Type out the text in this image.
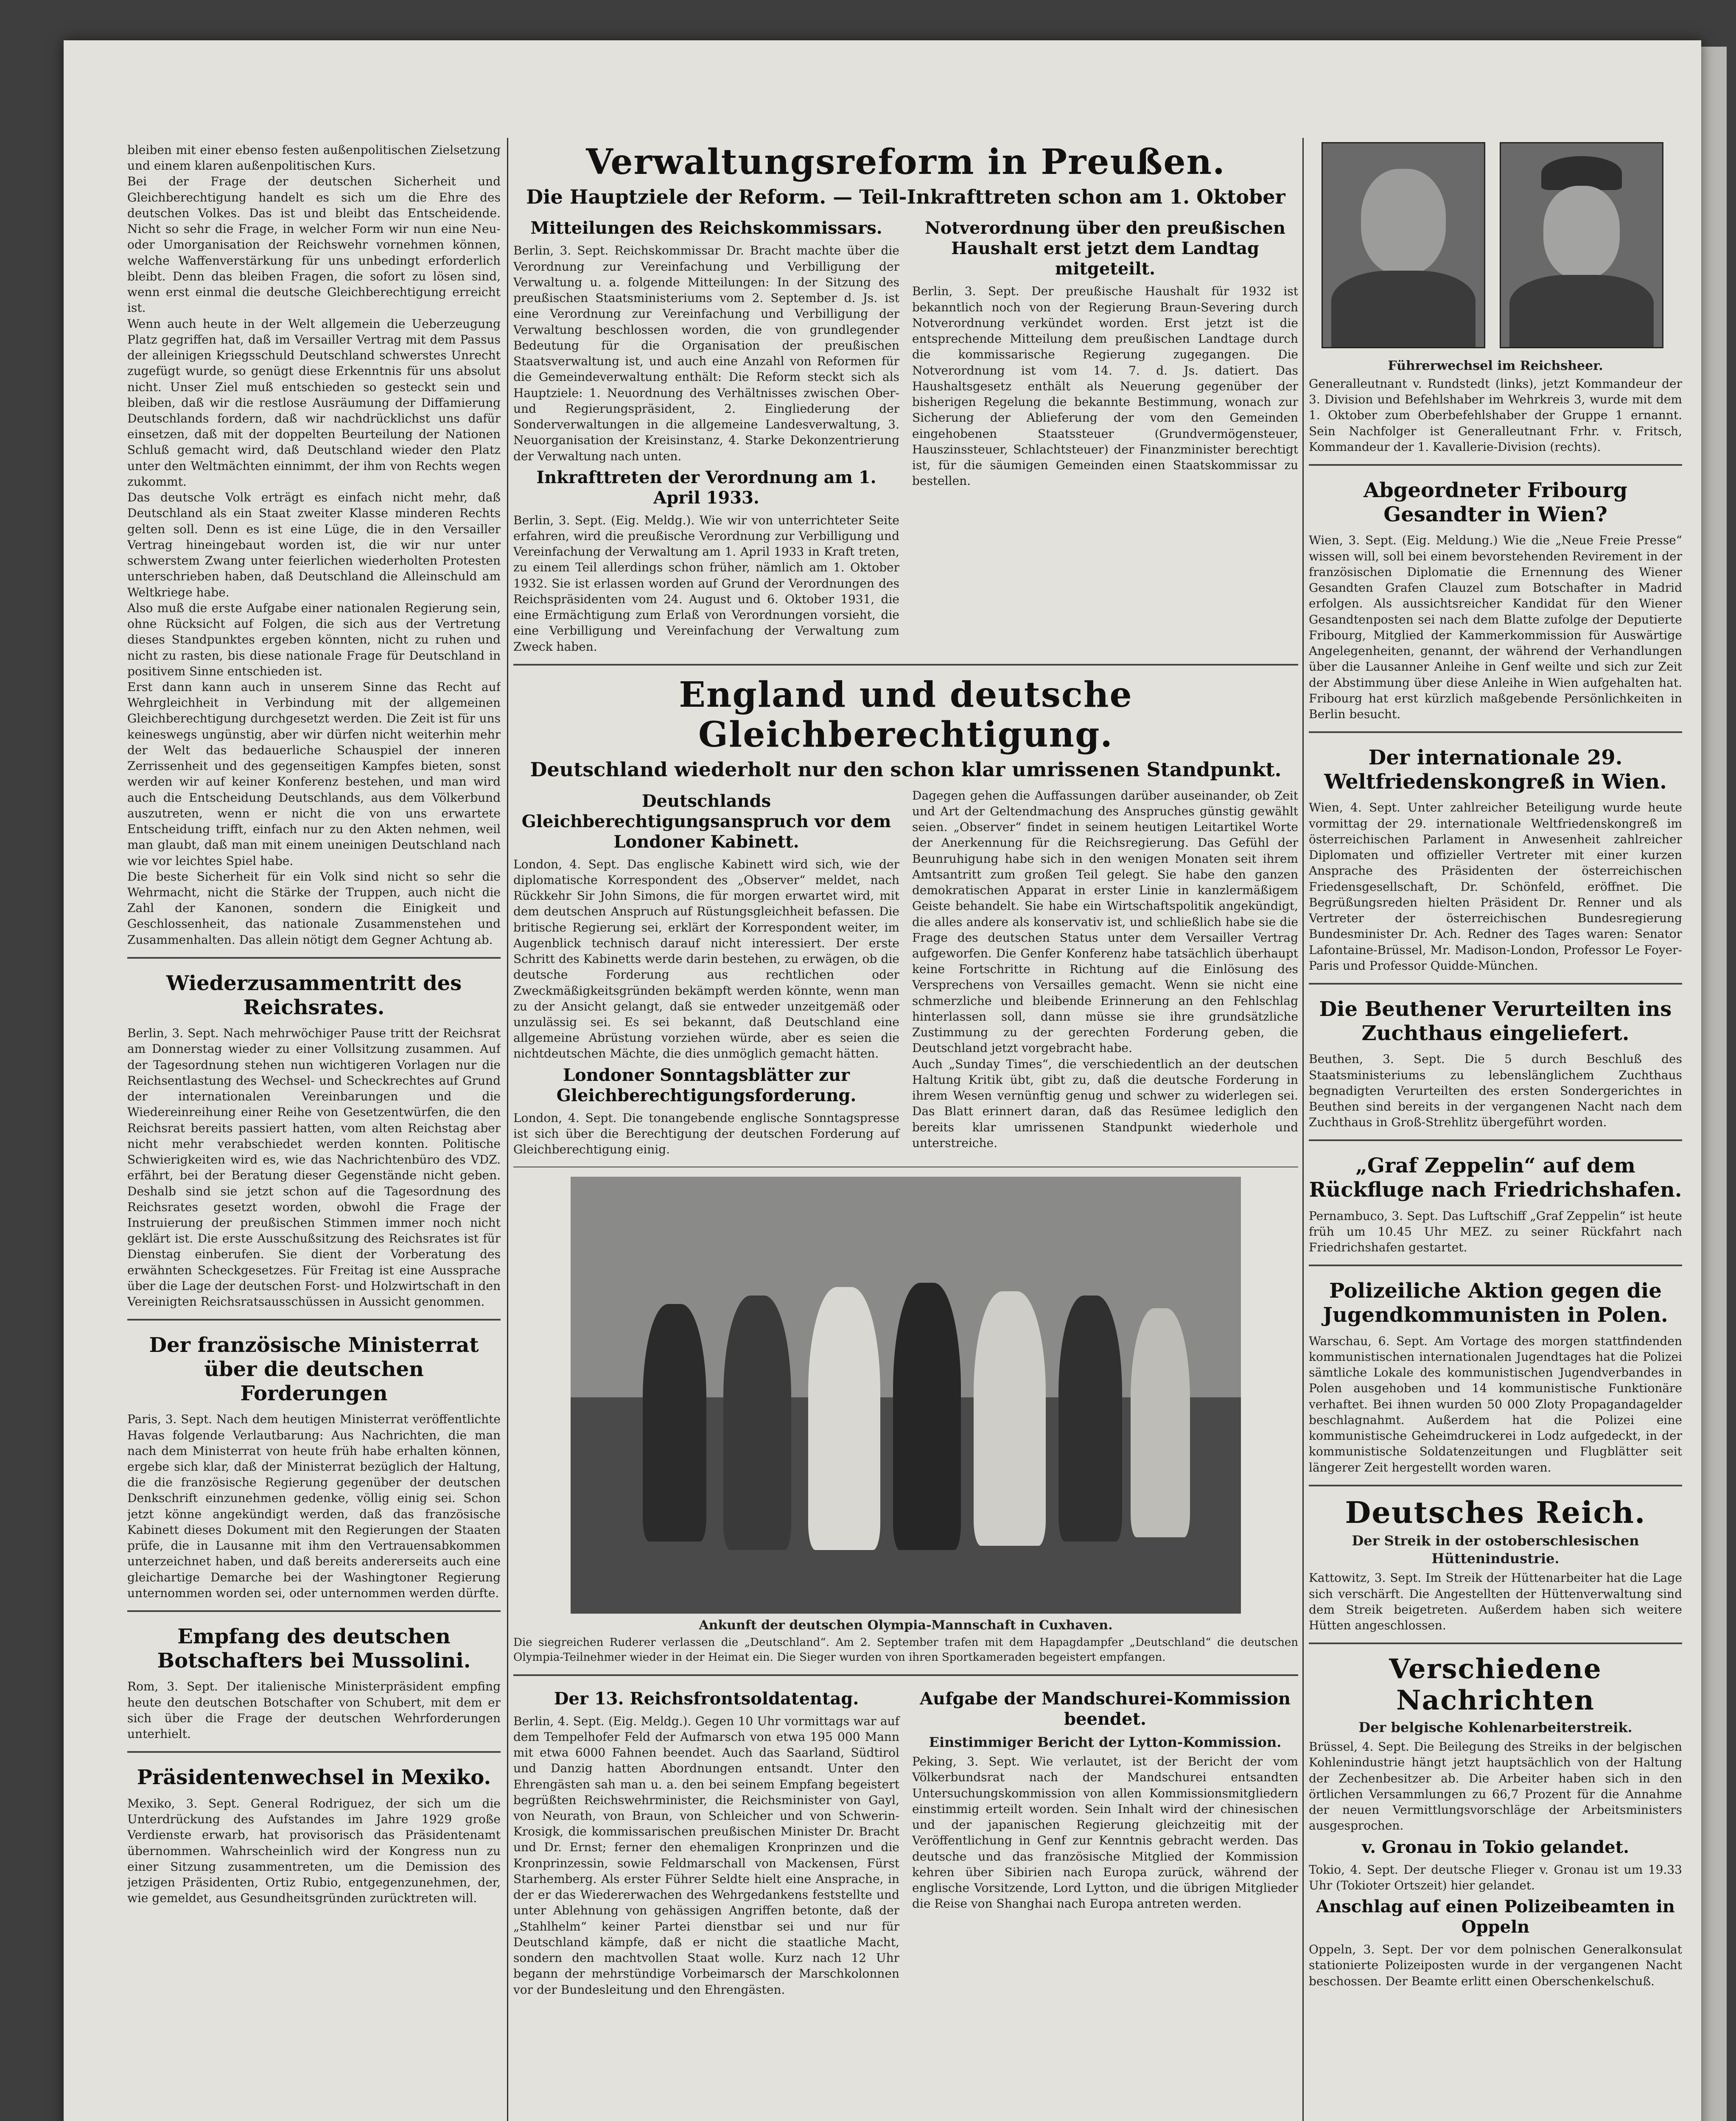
bleiben mit einer ebenso festen außenpolitischen Zielsetzung und einem klaren außenpolitischen Kurs.

Bei der Frage der deutschen Sicherheit und Gleichberechtigung handelt es sich um die Ehre des deutschen Volkes. Das ist und bleibt das Entscheidende. Nicht so sehr die Frage, in welcher Form wir nun eine Neu- oder Umorganisation der Reichswehr vornehmen können, welche Waffenverstärkung für uns unbedingt erforderlich bleibt. Denn das bleiben Fragen, die sofort zu lösen sind, wenn erst einmal die deutsche Gleichberechtigung erreicht ist.

Wenn auch heute in der Welt allgemein die Ueberzeugung Platz gegriffen hat, daß im Versailler Vertrag mit dem Passus der alleinigen Kriegsschuld Deutschland schwerstes Unrecht zugefügt wurde, so genügt diese Erkenntnis für uns absolut nicht. Unser Ziel muß entschieden so gesteckt sein und bleiben, daß wir die restlose Ausräumung der Diffamierung Deutschlands fordern, daß wir nachdrücklichst uns dafür einsetzen, daß mit der doppelten Beurteilung der Nationen Schluß gemacht wird, daß Deutschland wieder den Platz unter den Weltmächten einnimmt, der ihm von Rechts wegen zukommt.

Das deutsche Volk erträgt es einfach nicht mehr, daß Deutschland als ein Staat zweiter Klasse minderen Rechts gelten soll. Denn es ist eine Lüge, die in den Versailler Vertrag hineingebaut worden ist, die wir nur unter schwerstem Zwang unter feierlichen wiederholten Protesten unterschrieben haben, daß Deutschland die Alleinschuld am Weltkriege habe.

Also muß die erste Aufgabe einer nationalen Regierung sein, ohne Rücksicht auf Folgen, die sich aus der Vertretung dieses Standpunktes ergeben könnten, nicht zu ruhen und nicht zu rasten, bis diese nationale Frage für Deutschland in positivem Sinne entschieden ist.

Erst dann kann auch in unserem Sinne das Recht auf Wehrgleichheit in Verbindung mit der allgemeinen Gleichberechtigung durchgesetzt werden. Die Zeit ist für uns keineswegs ungünstig, aber wir dürfen nicht weiterhin mehr der Welt das bedauerliche Schauspiel der inneren Zerrissenheit und des gegenseitigen Kampfes bieten, sonst werden wir auf keiner Konferenz bestehen, und man wird auch die Entscheidung Deutschlands, aus dem Völkerbund auszutreten, wenn er nicht die von uns erwartete Entscheidung trifft, einfach nur zu den Akten nehmen, weil man glaubt, daß man mit einem uneinigen Deutschland nach wie vor leichtes Spiel habe.

Die beste Sicherheit für ein Volk sind nicht so sehr die Wehrmacht, nicht die Stärke der Truppen, auch nicht die Zahl der Kanonen, sondern die Einigkeit und Geschlossenheit, das nationale Zusammenstehen und Zusammenhalten. Das allein nötigt dem Gegner Achtung ab.

Wiederzusammentritt des Reichsrates.

Berlin, 3. Sept. Nach mehrwöchiger Pause tritt der Reichsrat am Donnerstag wieder zu einer Vollsitzung zusammen. Auf der Tagesordnung stehen nun wichtigeren Vorlagen nur die Reichsentlastung des Wechsel- und Scheckrechtes auf Grund der internationalen Vereinbarungen und die Wiedereinreihung einer Reihe von Gesetzentwürfen, die den Reichsrat bereits passiert hatten, vom alten Reichstag aber nicht mehr verabschiedet werden konnten. Politische Schwierigkeiten wird es, wie das Nachrichtenbüro des VDZ. erfährt, bei der Beratung dieser Gegenstände nicht geben. Deshalb sind sie jetzt schon auf die Tagesordnung des Reichsrates gesetzt worden, obwohl die Frage der Instruierung der preußischen Stimmen immer noch nicht geklärt ist. Die erste Ausschußsitzung des Reichsrates ist für Dienstag einberufen. Sie dient der Vorberatung des erwähnten Scheckgesetzes. Für Freitag ist eine Aussprache über die Lage der deutschen Forst- und Holzwirtschaft in den Vereinigten Reichsratsausschüssen in Aussicht genommen.

Der französische Ministerrat über die deutschen Forderungen

Paris, 3. Sept. Nach dem heutigen Ministerrat veröffentlichte Havas folgende Verlautbarung: Aus Nachrichten, die man nach dem Ministerrat von heute früh habe erhalten können, ergebe sich klar, daß der Ministerrat bezüglich der Haltung, die die französische Regierung gegenüber der deutschen Denkschrift einzunehmen gedenke, völlig einig sei. Schon jetzt könne angekündigt werden, daß das französische Kabinett dieses Dokument mit den Regierungen der Staaten prüfe, die in Lausanne mit ihm den Vertrauensabkommen unterzeichnet haben, und daß bereits andererseits auch eine gleichartige Demarche bei der Washingtoner Regierung unternommen worden sei, oder unternommen werden dürfte.

Empfang des deutschen Botschafters bei Mussolini.

Rom, 3. Sept. Der italienische Ministerpräsident empfing heute den deutschen Botschafter von Schubert, mit dem er sich über die Frage der deutschen Wehrforderungen unterhielt.

Präsidentenwechsel in Mexiko.

Mexiko, 3. Sept. General Rodriguez, der sich um die Unterdrückung des Aufstandes im Jahre 1929 große Verdienste erwarb, hat provisorisch das Präsidentenamt übernommen. Wahrscheinlich wird der Kongress nun zu einer Sitzung zusammentreten, um die Demission des jetzigen Präsidenten, Ortiz Rubio, entgegenzunehmen, der, wie gemeldet, aus Gesundheitsgründen zurücktreten will.

Verwaltungsreform in Preußen.
Die Hauptziele der Reform. — Teil-Inkrafttreten schon am 1. Oktober
Mitteilungen des Reichskommissars.

Berlin, 3. Sept. Reichskommissar Dr. Bracht machte über die Verordnung zur Vereinfachung und Verbilligung der Verwaltung u. a. folgende Mitteilungen: In der Sitzung des preußischen Staatsministeriums vom 2. September d. Js. ist eine Verordnung zur Vereinfachung und Verbilligung der Verwaltung beschlossen worden, die von grundlegender Bedeutung für die Organisation der preußischen Staatsverwaltung ist, und auch eine Anzahl von Reformen für die Gemeindeverwaltung enthält: Die Reform steckt sich als Hauptziele: 1. Neuordnung des Verhältnisses zwischen Ober- und Regierungspräsident, 2. Eingliederung der Sonderverwaltungen in die allgemeine Landesverwaltung, 3. Neuorganisation der Kreisinstanz, 4. Starke Dekonzentrierung der Verwaltung nach unten.

Inkrafttreten der Verordnung am 1. April 1933.

Berlin, 3. Sept. (Eig. Meldg.). Wie wir von unterrichteter Seite erfahren, wird die preußische Verordnung zur Verbilligung und Vereinfachung der Verwaltung am 1. April 1933 in Kraft treten, zu einem Teil allerdings schon früher, nämlich am 1. Oktober 1932. Sie ist erlassen worden auf Grund der Verordnungen des Reichspräsidenten vom 24. August und 6. Oktober 1931, die eine Ermächtigung zum Erlaß von Verordnungen vorsieht, die eine Verbilligung und Vereinfachung der Verwaltung zum Zweck haben.

Notverordnung über den preußischen Haushalt erst jetzt dem Landtag mitgeteilt.

Berlin, 3. Sept. Der preußische Haushalt für 1932 ist bekanntlich noch von der Regierung Braun-Severing durch Notverordnung verkündet worden. Erst jetzt ist die entsprechende Mitteilung dem preußischen Landtage durch die kommissarische Regierung zugegangen. Die Notverordnung ist vom 14. 7. d. Js. datiert. Das Haushaltsgesetz enthält als Neuerung gegenüber der bisherigen Regelung die bekannte Bestimmung, wonach zur Sicherung der Ablieferung der vom den Gemeinden eingehobenen Staatssteuer (Grundvermögensteuer, Hauszinssteuer, Schlachtsteuer) der Finanzminister berechtigt ist, für die säumigen Gemeinden einen Staatskommissar zu bestellen.

England und deutsche Gleichberechtigung.
Deutschland wiederholt nur den schon klar umrissenen Standpunkt.
Deutschlands Gleichberechtigungsanspruch vor dem Londoner Kabinett.

London, 4. Sept. Das englische Kabinett wird sich, wie der diplomatische Korrespondent des „Observer“ meldet, nach Rückkehr Sir John Simons, die für morgen erwartet wird, mit dem deutschen Anspruch auf Rüstungsgleichheit befassen. Die britische Regierung sei, erklärt der Korrespondent weiter, im Augenblick technisch darauf nicht interessiert. Der erste Schritt des Kabinetts werde darin bestehen, zu erwägen, ob die deutsche Forderung aus rechtlichen oder Zweckmäßigkeitsgründen bekämpft werden könnte, wenn man zu der Ansicht gelangt, daß sie entweder unzeitgemäß oder unzulässig sei. Es sei bekannt, daß Deutschland eine allgemeine Abrüstung vorziehen würde, aber es seien die nichtdeutschen Mächte, die dies unmöglich gemacht hätten.

Londoner Sonntagsblätter zur Gleichberechtigungsforderung.

London, 4. Sept. Die tonangebende englische Sonntagspresse ist sich über die Berechtigung der deutschen Forderung auf Gleichberechtigung einig.

Dagegen gehen die Auffassungen darüber auseinander, ob Zeit und Art der Geltendmachung des Anspruches günstig gewählt seien. „Observer“ findet in seinem heutigen Leitartikel Worte der Anerkennung für die Reichsregierung. Das Gefühl der Beunruhigung habe sich in den wenigen Monaten seit ihrem Amtsantritt zum großen Teil gelegt. Sie habe den ganzen demokratischen Apparat in erster Linie in kanzlermäßigem Geiste behandelt. Sie habe ein Wirtschaftspolitik angekündigt, die alles andere als konservativ ist, und schließlich habe sie die Frage des deutschen Status unter dem Versailler Vertrag aufgeworfen. Die Genfer Konferenz habe tatsächlich überhaupt keine Fortschritte in Richtung auf die Einlösung des Versprechens von Versailles gemacht. Wenn sie nicht eine schmerzliche und bleibende Erinnerung an den Fehlschlag hinterlassen soll, dann müsse sie ihre grundsätzliche Zustimmung zu der gerechten Forderung geben, die Deutschland jetzt vorgebracht habe.

Auch „Sunday Times“, die verschiedentlich an der deutschen Haltung Kritik übt, gibt zu, daß die deutsche Forderung in ihrem Wesen vernünftig genug und schwer zu widerlegen sei. Das Blatt erinnert daran, daß das Resümee lediglich den bereits klar umrissenen Standpunkt wiederhole und unterstreiche.

Ankunft der deutschen Olympia-Mannschaft in Cuxhaven.

Die siegreichen Ruderer verlassen die „Deutschland“. Am 2. September trafen mit dem Hapagdampfer „Deutschland“ die deutschen Olympia-Teilnehmer wieder in der Heimat ein. Die Sieger wurden von ihren Sportkameraden begeistert empfangen.

Der 13. Reichsfrontsoldatentag.

Berlin, 4. Sept. (Eig. Meldg.). Gegen 10 Uhr vormittags war auf dem Tempelhofer Feld der Aufmarsch von etwa 195 000 Mann mit etwa 6000 Fahnen beendet. Auch das Saarland, Südtirol und Danzig hatten Abordnungen entsandt. Unter den Ehrengästen sah man u. a. den bei seinem Empfang begeistert begrüßten Reichswehrminister, die Reichsminister von Gayl, von Neurath, von Braun, von Schleicher und von Schwerin-Krosigk, die kommissarischen preußischen Minister Dr. Bracht und Dr. Ernst; ferner den ehemaligen Kronprinzen und die Kronprinzessin, sowie Feldmarschall von Mackensen, Fürst Starhemberg. Als erster Führer Seldte hielt eine Ansprache, in der er das Wiedererwachen des Wehrgedankens feststellte und unter Ablehnung von gehässigen Angriffen betonte, daß der „Stahlhelm“ keiner Partei dienstbar sei und nur für Deutschland kämpfe, daß er nicht die staatliche Macht, sondern den machtvollen Staat wolle. Kurz nach 12 Uhr begann der mehrstündige Vorbeimarsch der Marschkolonnen vor der Bundesleitung und den Ehrengästen.

Aufgabe der Mandschurei-Kommission beendet.

Einstimmiger Bericht der Lytton-Kommission.

Peking, 3. Sept. Wie verlautet, ist der Bericht der vom Völkerbundsrat nach der Mandschurei entsandten Untersuchungskommission von allen Kommissionsmitgliedern einstimmig erteilt worden. Sein Inhalt wird der chinesischen und der japanischen Regierung gleichzeitig mit der Veröffentlichung in Genf zur Kenntnis gebracht werden. Das deutsche und das französische Mitglied der Kommission kehren über Sibirien nach Europa zurück, während der englische Vorsitzende, Lord Lytton, und die übrigen Mitglieder die Reise von Shanghai nach Europa antreten werden.

Führerwechsel im Reichsheer.

Generalleutnant v. Rundstedt (links), jetzt Kommandeur der 3. Division und Befehlshaber im Wehrkreis 3, wurde mit dem 1. Oktober zum Oberbefehlshaber der Gruppe 1 ernannt. Sein Nachfolger ist Generalleutnant Frhr. v. Fritsch, Kommandeur der 1. Kavallerie-Division (rechts).

Abgeordneter Fribourg Gesandter in Wien?

Wien, 3. Sept. (Eig. Meldung.) Wie die „Neue Freie Presse“ wissen will, soll bei einem bevorstehenden Revirement in der französischen Diplomatie die Ernennung des Wiener Gesandten Grafen Clauzel zum Botschafter in Madrid erfolgen. Als aussichtsreicher Kandidat für den Wiener Gesandtenposten sei nach dem Blatte zufolge der Deputierte Fribourg, Mitglied der Kammerkommission für Auswärtige Angelegenheiten, genannt, der während der Verhandlungen über die Lausanner Anleihe in Genf weilte und sich zur Zeit der Abstimmung über diese Anleihe in Wien aufgehalten hat. Fribourg hat erst kürzlich maßgebende Persönlichkeiten in Berlin besucht.

Der internationale 29. Weltfriedenskongreß in Wien.

Wien, 4. Sept. Unter zahlreicher Beteiligung wurde heute vormittag der 29. internationale Weltfriedenskongreß im österreichischen Parlament in Anwesenheit zahlreicher Diplomaten und offizieller Vertreter mit einer kurzen Ansprache des Präsidenten der österreichischen Friedensgesellschaft, Dr. Schönfeld, eröffnet. Die Begrüßungsreden hielten Präsident Dr. Renner und als Vertreter der österreichischen Bundesregierung Bundesminister Dr. Ach. Redner des Tages waren: Senator Lafontaine-Brüssel, Mr. Madison-London, Professor Le Foyer-Paris und Professor Quidde-München.

Die Beuthener Verurteilten ins Zuchthaus eingeliefert.

Beuthen, 3. Sept. Die 5 durch Beschluß des Staatsministeriums zu lebenslänglichem Zuchthaus begnadigten Verurteilten des ersten Sondergerichtes in Beuthen sind bereits in der vergangenen Nacht nach dem Zuchthaus in Groß-Strehlitz übergeführt worden.

„Graf Zeppelin“ auf dem Rückfluge nach Friedrichshafen.

Pernambuco, 3. Sept. Das Luftschiff „Graf Zeppelin“ ist heute früh um 10.45 Uhr MEZ. zu seiner Rückfahrt nach Friedrichshafen gestartet.

Polizeiliche Aktion gegen die Jugendkommunisten in Polen.

Warschau, 6. Sept. Am Vortage des morgen stattfindenden kommunistischen internationalen Jugendtages hat die Polizei sämtliche Lokale des kommunistischen Jugendverbandes in Polen ausgehoben und 14 kommunistische Funktionäre verhaftet. Bei ihnen wurden 50 000 Zloty Propagandagelder beschlagnahmt. Außerdem hat die Polizei eine kommunistische Geheimdruckerei in Lodz aufgedeckt, in der kommunistische Soldatenzeitungen und Flugblätter seit längerer Zeit hergestellt worden waren.

Deutsches Reich.

Der Streik in der ostoberschlesischen Hüttenindustrie.

Kattowitz, 3. Sept. Im Streik der Hüttenarbeiter hat die Lage sich verschärft. Die Angestellten der Hüttenverwaltung sind dem Streik beigetreten. Außerdem haben sich weitere Hütten angeschlossen.

Verschiedene Nachrichten

Der belgische Kohlenarbeiterstreik.

Brüssel, 4. Sept. Die Beilegung des Streiks in der belgischen Kohlenindustrie hängt jetzt hauptsächlich von der Haltung der Zechenbesitzer ab. Die Arbeiter haben sich in den örtlichen Versammlungen zu 66,7 Prozent für die Annahme der neuen Vermittlungsvorschläge der Arbeitsministers ausgesprochen.

v. Gronau in Tokio gelandet.

Tokio, 4. Sept. Der deutsche Flieger v. Gronau ist um 19.33 Uhr (Tokioter Ortszeit) hier gelandet.

Anschlag auf einen Polizeibeamten in Oppeln

Oppeln, 3. Sept. Der vor dem polnischen Generalkonsulat stationierte Polizeiposten wurde in der vergangenen Nacht beschossen. Der Beamte erlitt einen Oberschenkelschuß.
